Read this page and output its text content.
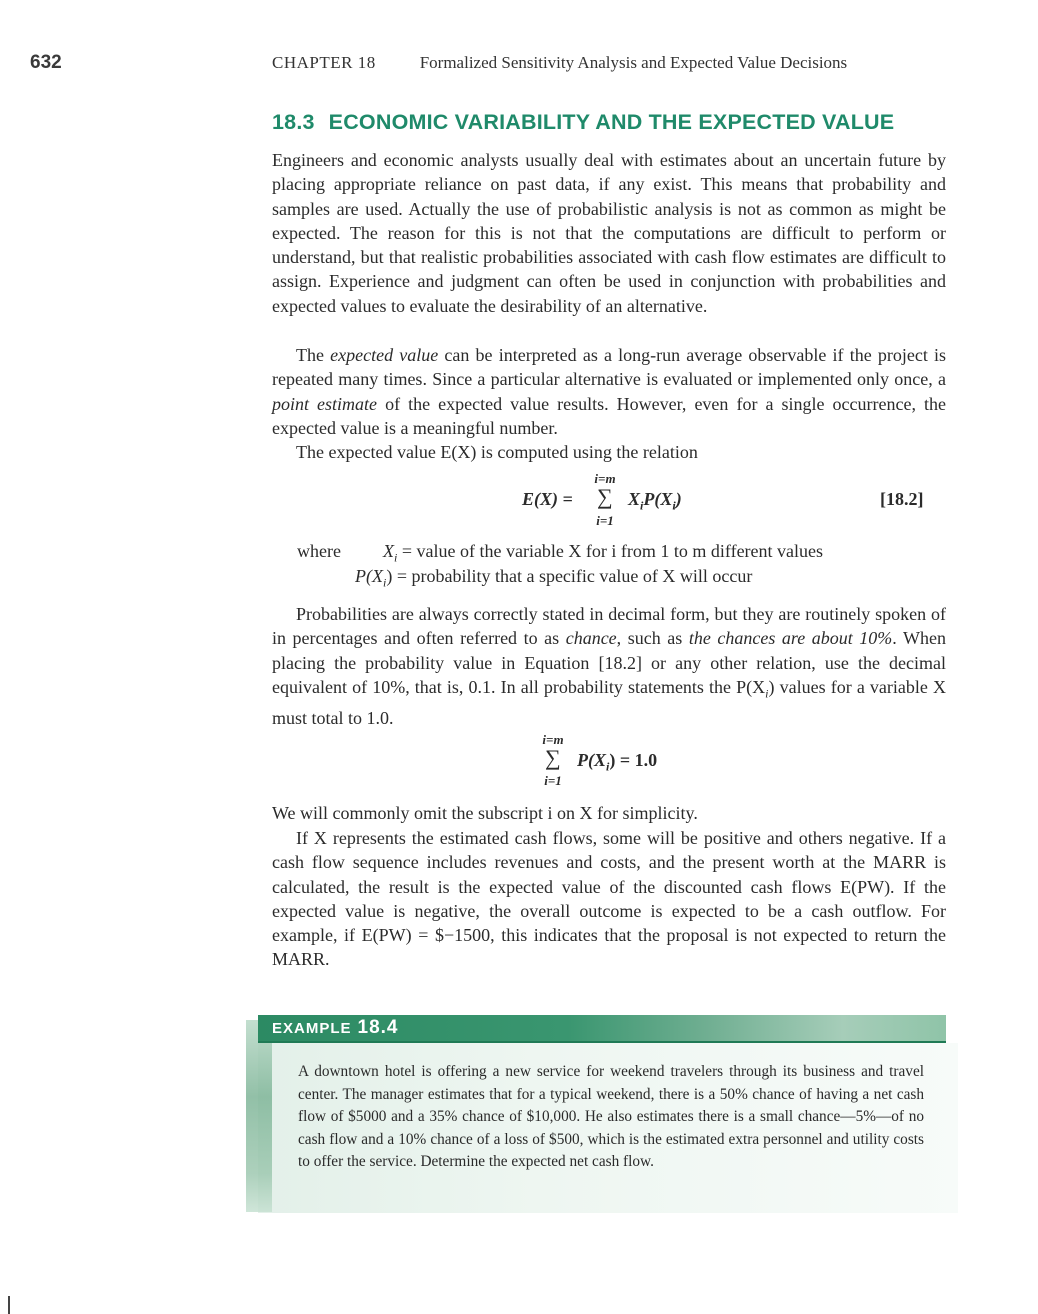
632	CHAPTER 18	Formalized Sensitivity Analysis and Expected Value Decisions
18.3 ECONOMIC VARIABILITY AND THE EXPECTED VALUE

Engineers and economic analysts usually deal with estimates about an uncertain future by placing appropriate reliance on past data, if any exist. This means that probability and samples are used. Actually the use of probabilistic analysis is not as common as might be expected. The reason for this is not that the computations are difficult to perform or understand, but that realistic probabilities associated with cash flow estimates are difficult to assign. Experience and judgment can often be used in conjunction with probabilities and expected values to evaluate the desirability of an alternative.

The expected value can be interpreted as a long-run average observable if the project is repeated many times. Since a particular alternative is evaluated or implemented only once, a point estimate of the expected value results. However, even for a single occurrence, the expected value is a meaningful number.

The expected value E(X) is computed using the relation

E(X) =
i=m
∑
i=1
$X_iP(X_i)$	[18.2]
where $X_i$ = value of the variable X for i from 1 to m different values
$P(X_i)$ = probability that a specific value of X will occur

Probabilities are always correctly stated in decimal form, but they are routinely spoken of in percentages and often referred to as chance, such as the chances are about 10%. When placing the probability value in Equation [18.2] or any other relation, use the decimal equivalent of 10%, that is, 0.1. In all probability statements the $P(X_i)$ values for a variable X must total to 1.0.

i=m
∑
i=1
$P(X_i) = 1.0$

We will commonly omit the subscript i on X for simplicity.

If X represents the estimated cash flows, some will be positive and others negative. If a cash flow sequence includes revenues and costs, and the present worth at the MARR is calculated, the result is the expected value of the discounted cash flows E(PW). If the expected value is negative, the overall outcome is expected to be a cash outflow. For example, if E(PW) = $−1500, this indicates that the proposal is not expected to return the MARR.

EXAMPLE 18.4

A downtown hotel is offering a new service for weekend travelers through its business and travel center. The manager estimates that for a typical weekend, there is a 50% chance of having a net cash flow of $5000 and a 35% chance of $10,000. He also estimates there is a small chance—5%—of no cash flow and a 10% chance of a loss of $500, which is the estimated extra personnel and utility costs to offer the service. Determine the expected net cash flow.
